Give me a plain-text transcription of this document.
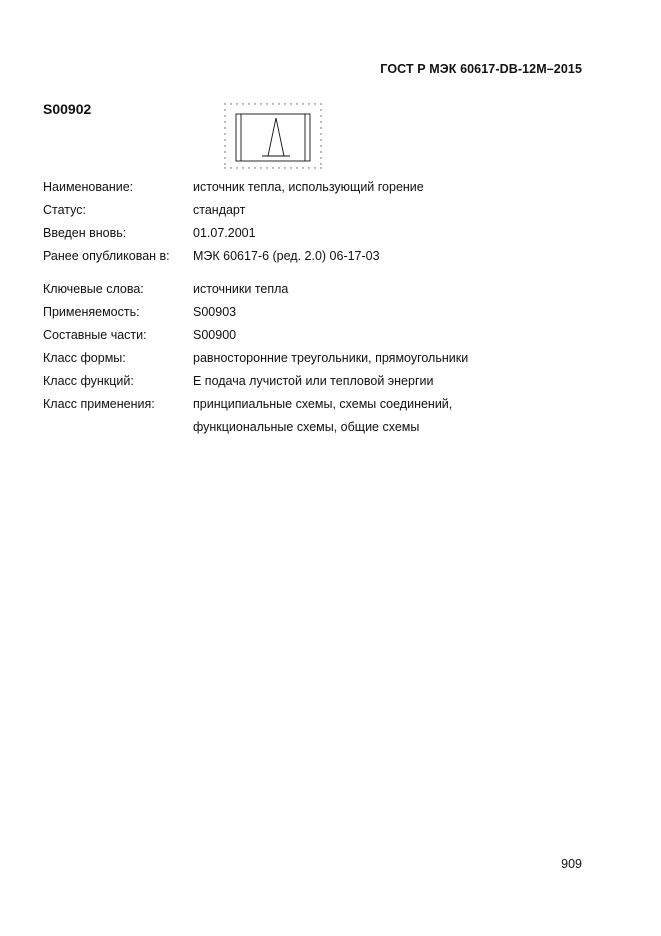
ГОСТ Р МЭК 60617-DB-12M–2015
S00902
Наименование:	источник тепла, использующий горение
Статус:	стандарт
Введен вновь:	01.07.2001
Ранее опубликован в:	МЭК 60617-6 (ред. 2.0) 06-17-03
Ключевые слова:	источники тепла
Применяемость:	S00903
Составные части:	S00900
Класс формы:	равносторонние треугольники, прямоугольники
Класс функций:	E подача лучистой или тепловой энергии
Класс применения:	принципиальные схемы, схемы соединений,
функциональные схемы, общие схемы
909
